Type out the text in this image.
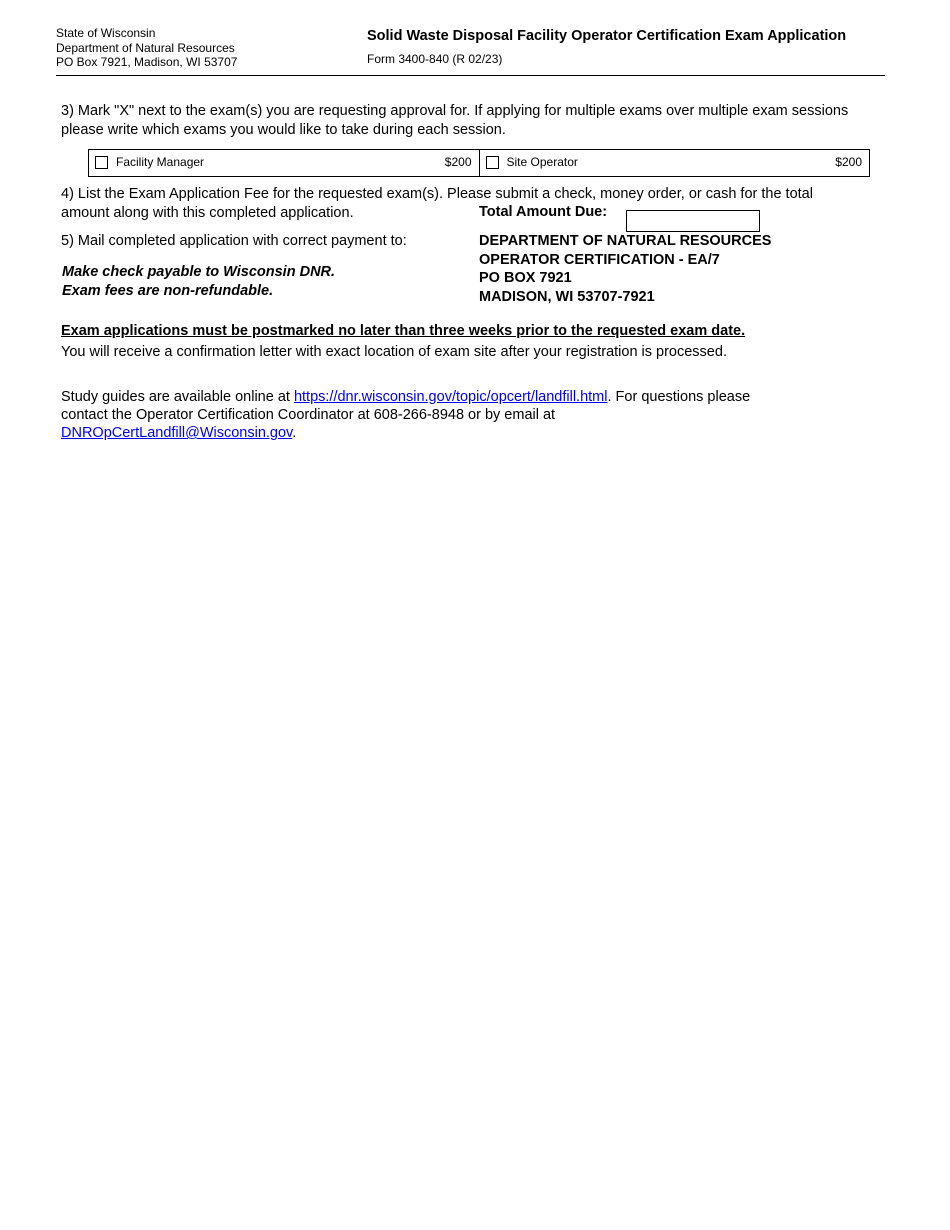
State of Wisconsin
Department of Natural Resources
PO Box 7921, Madison, WI 53707
Solid Waste Disposal Facility Operator Certification Exam Application
Form 3400-840 (R 02/23)
3) Mark "X" next to the exam(s) you are requesting approval for. If applying for multiple exams over multiple exam sessions please write which exams you would like to take during each session.
Facility Manager	$200	Site Operator	$200
4) List the Exam Application Fee for the requested exam(s). Please submit a check, money order, or cash for the total amount along with this completed application.	Total Amount Due:
5) Mail completed application with correct payment to:
Make check payable to Wisconsin DNR.
Exam fees are non-refundable.
DEPARTMENT OF NATURAL RESOURCES
OPERATOR CERTIFICATION - EA/7
PO BOX 7921
MADISON, WI 53707-7921
Exam applications must be postmarked no later than three weeks prior to the requested exam date.
You will receive a confirmation letter with exact location of exam site after your registration is processed.
Study guides are available online at https://dnr.wisconsin.gov/topic/opcert/landfill.html. For questions please contact the Operator Certification Coordinator at 608-266-8948 or by email at DNROpCertLandfill@Wisconsin.gov.
